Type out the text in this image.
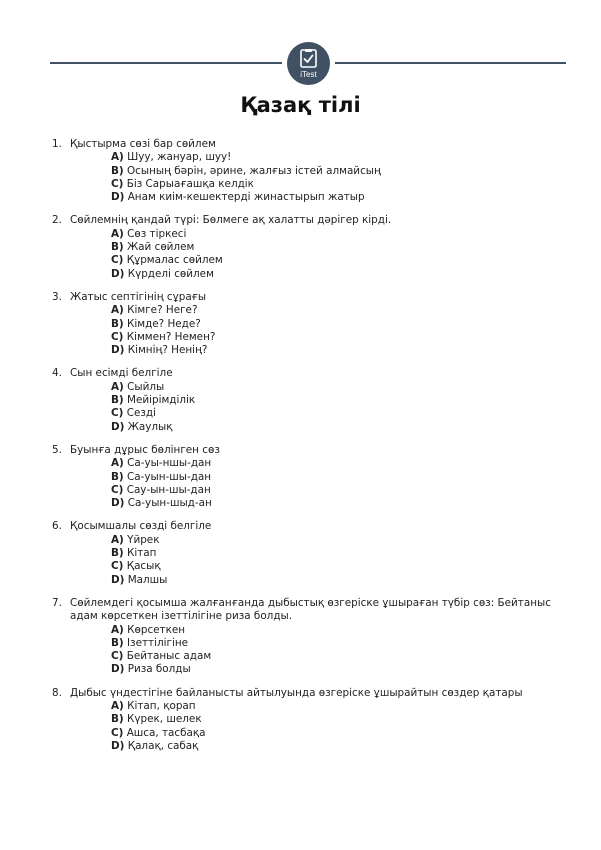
iTest
Қазақ тілі
1. Қыстырма сөзі бар сөйлем
A) Шуу, жануар, шуу!
B) Осының бәрін, әрине, жалғыз істей алмайсың
C) Біз Сарыағашқа келдік
D) Анам киім-кешектерді жинастырып жатыр
2. Сөйлемнің қандай түрі: Бөлмеге ақ халатты дәрігер кірді.
A) Сөз тіркесі
B) Жай сөйлем
C) Құрмалас сөйлем
D) Күрделі сөйлем
3. Жатыс септігінің сұрағы
A) Кімге? Неге?
B) Кімде? Неде?
C) Кіммен? Немен?
D) Кімнің? Ненің?
4. Сын есімді белгіле
A) Сыйлы
B) Мейірімділік
C) Сезді
D) Жаулық
5. Буынға дұрыс бөлінген сөз
A) Са-уы-ншы-дан
B) Са-уын-шы-дан
C) Сау-ын-шы-дан
D) Са-уын-шыд-ан
6. Қосымшалы сөзді белгіле
A) Үйрек
B) Кітап
C) Қасық
D) Малшы
7. Сөйлемдегі қосымша жалғанғанда дыбыстық өзгеріске ұшыраған түбір сөз: Бейтаныс адам көрсеткен ізеттілігіне риза болды.
A) Көрсеткен
B) Ізеттілігіне
C) Бейтаныс адам
D) Риза болды
8. Дыбыс үндестігіне байланысты айтылуында өзгеріске ұшырайтын сөздер қатары
A) Кітап, қорап
B) Күрек, шелек
C) Ашса, тасбақа
D) Қалақ, сабақ
